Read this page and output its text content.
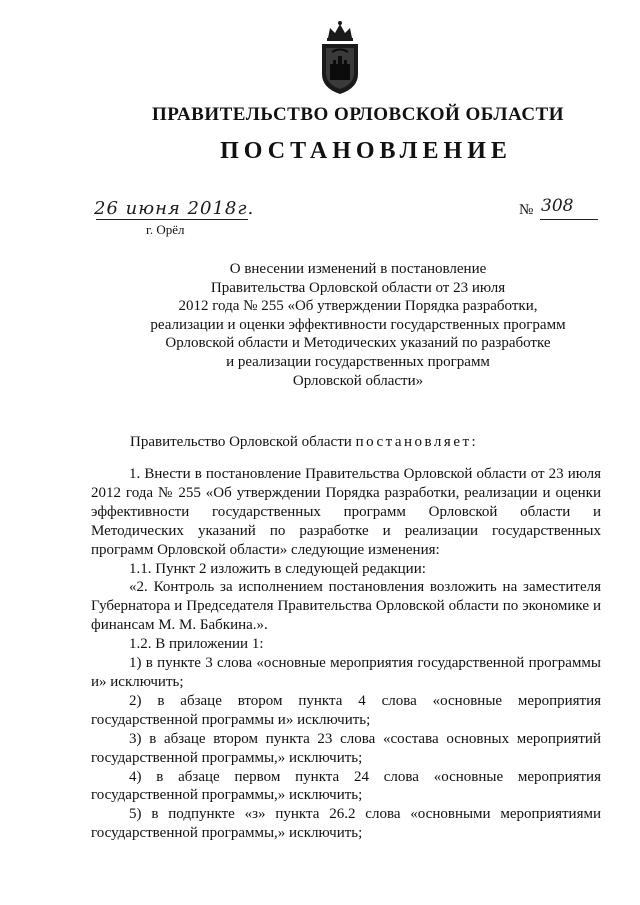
ПРАВИТЕЛЬСТВО ОРЛОВСКОЙ ОБЛАСТИ
ПОСТАНОВЛЕНИЕ
26 июня 2018г.
г. Орёл
№ 308
О внесении изменений в постановление
Правительства Орловской области от 23 июля
2012 года № 255 «Об утверждении Порядка разработки,
реализации и оценки эффективности государственных программ
Орловской области и Методических указаний по разработке
и реализации государственных программ
Орловской области»
Правительство Орловской области постановляет:

1. Внести в постановление Правительства Орловской области от 23 июля 2012 года № 255 «Об утверждении Порядка разработки, реализации и оценки эффективности государственных программ Орловской области и Методических указаний по разработке и реализации государственных программ Орловской области» следующие изменения:

1.1. Пункт 2 изложить в следующей редакции:

«2. Контроль за исполнением постановления возложить на заместителя Губернатора и Председателя Правительства Орловской области по экономике и финансам М. М. Бабкина.».

1.2. В приложении 1:

1) в пункте 3 слова «основные мероприятия государственной программы и» исключить;

2) в абзаце втором пункта 4 слова «основные мероприятия государственной программы и» исключить;

3) в абзаце втором пункта 23 слова «состава основных мероприятий государственной программы,» исключить;

4) в абзаце первом пункта 24 слова «основные мероприятия государственной программы,» исключить;

5) в подпункте «з» пункта 26.2 слова «основными мероприятиями государственной программы,» исключить;
